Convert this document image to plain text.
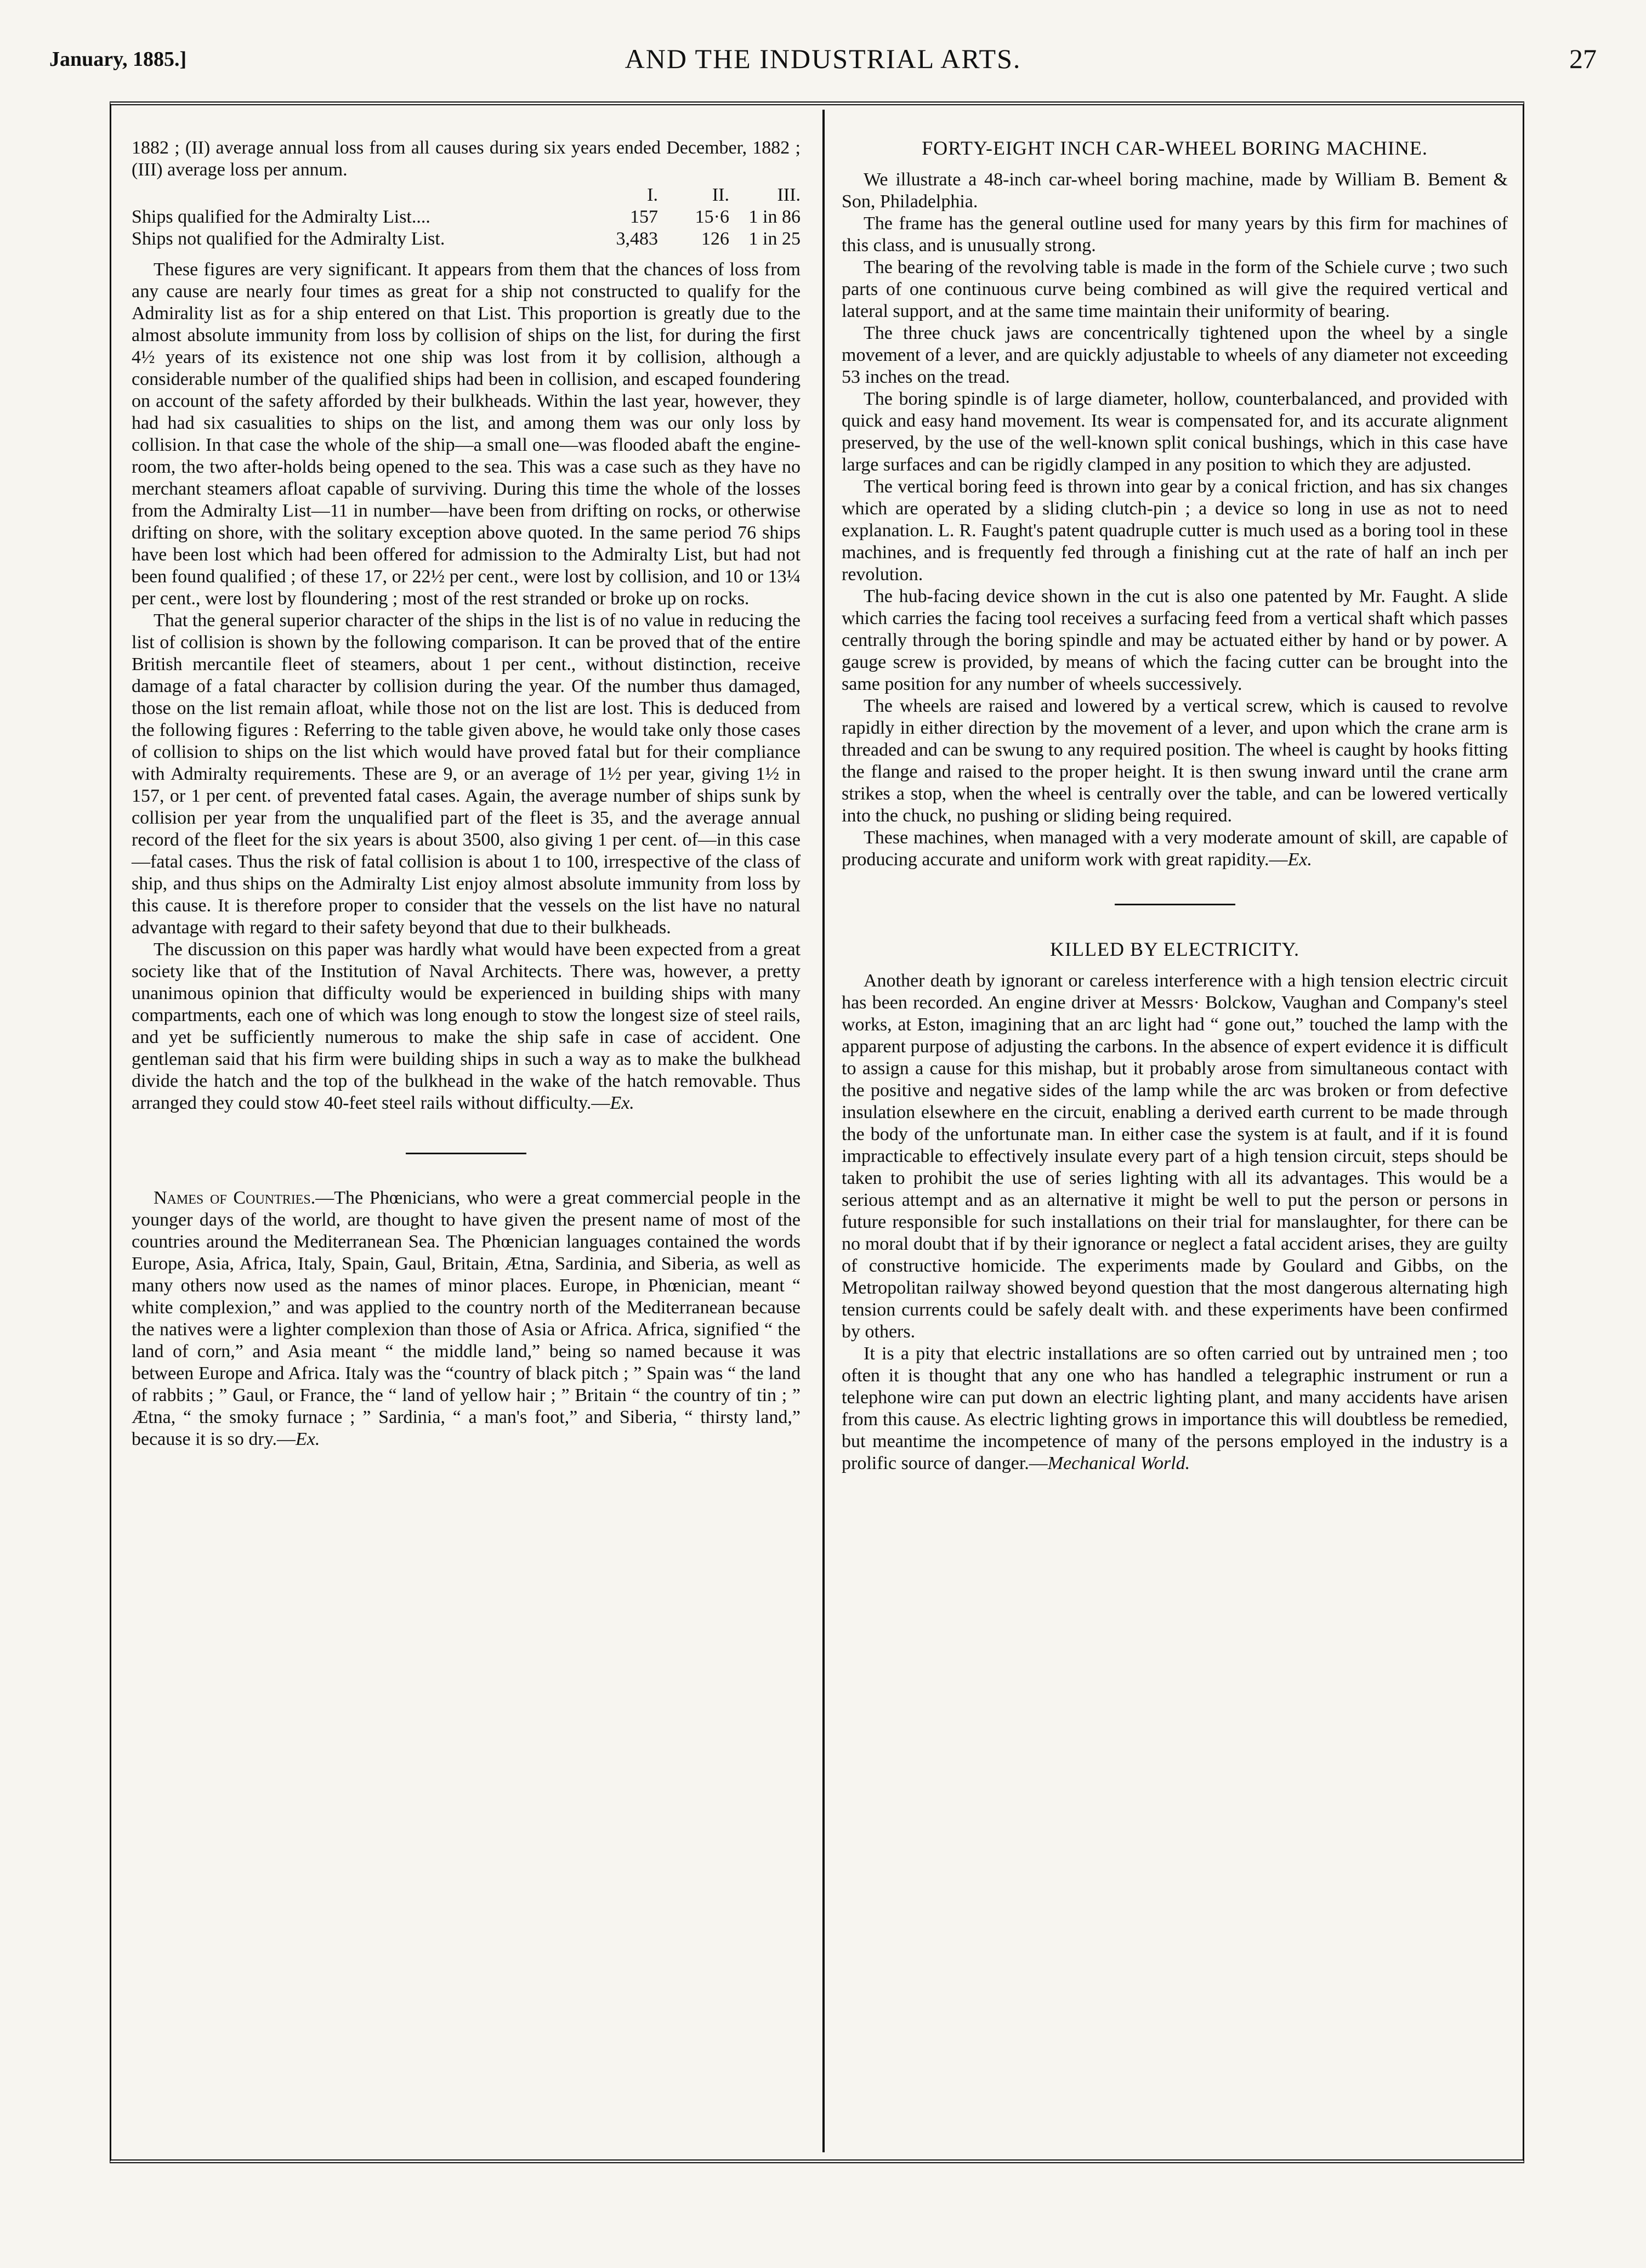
January, 1885.]	AND THE INDUSTRIAL ARTS.	27

1882 ; (II) average annual loss from all causes during six years ended December, 1882 ; (III) average loss per annum.

	I.	II.	III.
Ships qualified for the Admiralty List....	157	15·6	1 in 86
Ships not qualified for the Admiralty List.	3,483	126	1 in 25

These figures are very significant. It appears from them that the chances of loss from any cause are nearly four times as great for a ship not constructed to qualify for the Admirality list as for a ship entered on that List. This proportion is greatly due to the almost absolute immunity from loss by collision of ships on the list, for during the first 4½ years of its existence not one ship was lost from it by collision, although a considerable number of the qualified ships had been in collision, and escaped foundering on account of the safety afforded by their bulkheads. Within the last year, however, they had had six casualities to ships on the list, and among them was our only loss by collision. In that case the whole of the ship—a small one—was flooded abaft the engine-room, the two after-holds being opened to the sea. This was a case such as they have no merchant steamers afloat capable of surviving. During this time the whole of the losses from the Admiralty List—11 in number—have been from drifting on rocks, or otherwise drifting on shore, with the solitary exception above quoted. In the same period 76 ships have been lost which had been offered for admission to the Admiralty List, but had not been found qualified ; of these 17, or 22½ per cent., were lost by collision, and 10 or 13¼ per cent., were lost by floundering ; most of the rest stranded or broke up on rocks.

That the general superior character of the ships in the list is of no value in reducing the list of collision is shown by the following comparison. It can be proved that of the entire British mercantile fleet of steamers, about 1 per cent., without distinction, receive damage of a fatal character by collision during the year. Of the number thus damaged, those on the list remain afloat, while those not on the list are lost. This is deduced from the following figures : Referring to the table given above, he would take only those cases of collision to ships on the list which would have proved fatal but for their compliance with Admiralty requirements. These are 9, or an average of 1½ per year, giving 1½ in 157, or 1 per cent. of prevented fatal cases. Again, the average number of ships sunk by collision per year from the unqualified part of the fleet is 35, and the average annual record of the fleet for the six years is about 3500, also giving 1 per cent. of—in this case—fatal cases. Thus the risk of fatal collision is about 1 to 100, irrespective of the class of ship, and thus ships on the Admiralty List enjoy almost absolute immunity from loss by this cause. It is therefore proper to consider that the vessels on the list have no natural advantage with regard to their safety beyond that due to their bulkheads.

The discussion on this paper was hardly what would have been expected from a great society like that of the Institution of Naval Architects. There was, however, a pretty unanimous opinion that difficulty would be experienced in building ships with many compartments, each one of which was long enough to stow the longest size of steel rails, and yet be sufficiently numerous to make the ship safe in case of accident. One gentleman said that his firm were building ships in such a way as to make the bulkhead divide the hatch and the top of the bulkhead in the wake of the hatch removable. Thus arranged they could stow 40-feet steel rails without difficulty.—Ex.

Names of Countries.—The Phœnicians, who were a great commercial people in the younger days of the world, are thought to have given the present name of most of the countries around the Mediterranean Sea. The Phœnician languages contained the words Europe, Asia, Africa, Italy, Spain, Gaul, Britain, Ætna, Sardinia, and Siberia, as well as many others now used as the names of minor places. Europe, in Phœnician, meant “ white complexion,” and was applied to the country north of the Mediterranean because the natives were a lighter complexion than those of Asia or Africa. Africa, signified “ the land of corn,” and Asia meant “ the middle land,” being so named because it was between Europe and Africa. Italy was the “country of black pitch ; ” Spain was “ the land of rabbits ; ” Gaul, or France, the “ land of yellow hair ; ” Britain “ the country of tin ; ” Ætna, “ the smoky furnace ; ” Sardinia, “ a man's foot,” and Siberia, “ thirsty land,” because it is so dry.—Ex.

FORTY-EIGHT INCH CAR-WHEEL BORING MACHINE.

We illustrate a 48-inch car-wheel boring machine, made by William B. Bement & Son, Philadelphia.

The frame has the general outline used for many years by this firm for machines of this class, and is unusually strong.

The bearing of the revolving table is made in the form of the Schiele curve ; two such parts of one continuous curve being combined as will give the required vertical and lateral support, and at the same time maintain their uniformity of bearing.

The three chuck jaws are concentrically tightened upon the wheel by a single movement of a lever, and are quickly adjustable to wheels of any diameter not exceeding 53 inches on the tread.

The boring spindle is of large diameter, hollow, counterbalanced, and provided with quick and easy hand movement. Its wear is compensated for, and its accurate alignment preserved, by the use of the well-known split conical bushings, which in this case have large surfaces and can be rigidly clamped in any position to which they are adjusted.

The vertical boring feed is thrown into gear by a conical friction, and has six changes which are operated by a sliding clutch-pin ; a device so long in use as not to need explanation. L. R. Faught's patent quadruple cutter is much used as a boring tool in these machines, and is frequently fed through a finishing cut at the rate of half an inch per revolution.

The hub-facing device shown in the cut is also one patented by Mr. Faught. A slide which carries the facing tool receives a surfacing feed from a vertical shaft which passes centrally through the boring spindle and may be actuated either by hand or by power. A gauge screw is provided, by means of which the facing cutter can be brought into the same position for any number of wheels successively.

The wheels are raised and lowered by a vertical screw, which is caused to revolve rapidly in either direction by the movement of a lever, and upon which the crane arm is threaded and can be swung to any required position. The wheel is caught by hooks fitting the flange and raised to the proper height. It is then swung inward until the crane arm strikes a stop, when the wheel is centrally over the table, and can be lowered vertically into the chuck, no pushing or sliding being required.

These machines, when managed with a very moderate amount of skill, are capable of producing accurate and uniform work with great rapidity.—Ex.

KILLED BY ELECTRICITY.

Another death by ignorant or careless interference with a high tension electric circuit has been recorded. An engine driver at Messrs· Bolckow, Vaughan and Company's steel works, at Eston, imagining that an arc light had “ gone out,” touched the lamp with the apparent purpose of adjusting the carbons. In the absence of expert evidence it is difficult to assign a cause for this mishap, but it probably arose from simultaneous contact with the positive and negative sides of the lamp while the arc was broken or from defective insulation elsewhere en the circuit, enabling a derived earth current to be made through the body of the unfortunate man. In either case the system is at fault, and if it is found impracticable to effectively insulate every part of a high tension circuit, steps should be taken to prohibit the use of series lighting with all its advantages. This would be a serious attempt and as an alternative it might be well to put the person or persons in future responsible for such installations on their trial for manslaughter, for there can be no moral doubt that if by their ignorance or neglect a fatal accident arises, they are guilty of constructive homicide. The experiments made by Goulard and Gibbs, on the Metropolitan railway showed beyond question that the most dangerous alternating high tension currents could be safely dealt with. and these experiments have been confirmed by others.

It is a pity that electric installations are so often carried out by untrained men ; too often it is thought that any one who has handled a telegraphic instrument or run a telephone wire can put down an electric lighting plant, and many accidents have arisen from this cause. As electric lighting grows in importance this will doubtless be remedied, but meantime the incompetence of many of the persons employed in the industry is a prolific source of danger.—Mechanical World.
